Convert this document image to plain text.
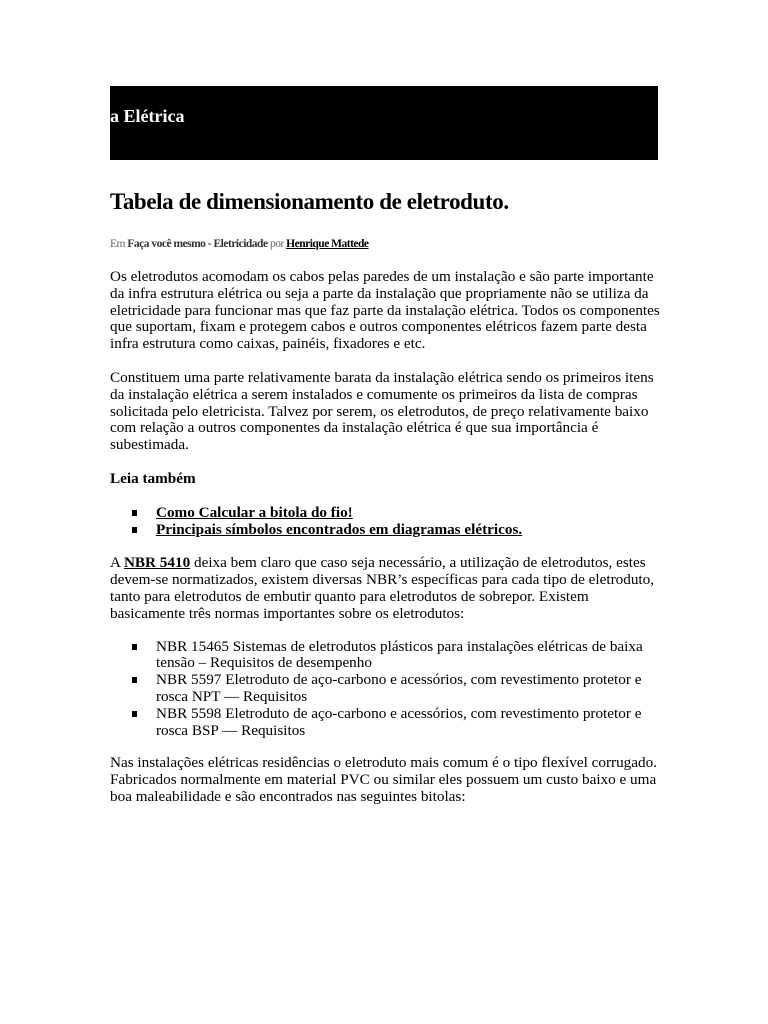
a Elétrica
Tabela de dimensionamento de eletroduto.
Em Faça você mesmo - Eletricidade por Henrique Mattede

Os eletrodutos acomodam os cabos pelas paredes de um instalação e são parte importante da infra estrutura elétrica ou seja a parte da instalação que propriamente não se utiliza da eletricidade para funcionar mas que faz parte da instalação elétrica. Todos os componentes que suportam, fixam e protegem cabos e outros componentes elétricos fazem parte desta infra estrutura como caixas, painéis, fixadores e etc.

Constituem uma parte relativamente barata da instalação elétrica sendo os primeiros itens da instalação elétrica a serem instalados e comumente os primeiros da lista de compras solicitada pelo eletricista. Talvez por serem, os eletrodutos, de preço relativamente baixo com relação a outros componentes da instalação elétrica é que sua importância é subestimada.

Leia também

Como Calcular a bitola do fio!
Principais símbolos encontrados em diagramas elétricos.

A NBR 5410 deixa bem claro que caso seja necessário, a utilização de eletrodutos, estes devem-se normatizados, existem diversas NBR’s específicas para cada tipo de eletroduto, tanto para eletrodutos de embutir quanto para eletrodutos de sobrepor. Existem basicamente três normas importantes sobre os eletrodutos:

NBR 15465 Sistemas de eletrodutos plásticos para instalações elétricas de baixa tensão – Requisitos de desempenho
NBR 5597 Eletroduto de aço-carbono e acessórios, com revestimento protetor e rosca NPT — Requisitos
NBR 5598 Eletroduto de aço-carbono e acessórios, com revestimento protetor e rosca BSP — Requisitos

Nas instalações elétricas residências o eletroduto mais comum é o tipo flexível corrugado. Fabricados normalmente em material PVC ou similar eles possuem um custo baixo e uma boa maleabilidade e são encontrados nas seguintes bitolas:
